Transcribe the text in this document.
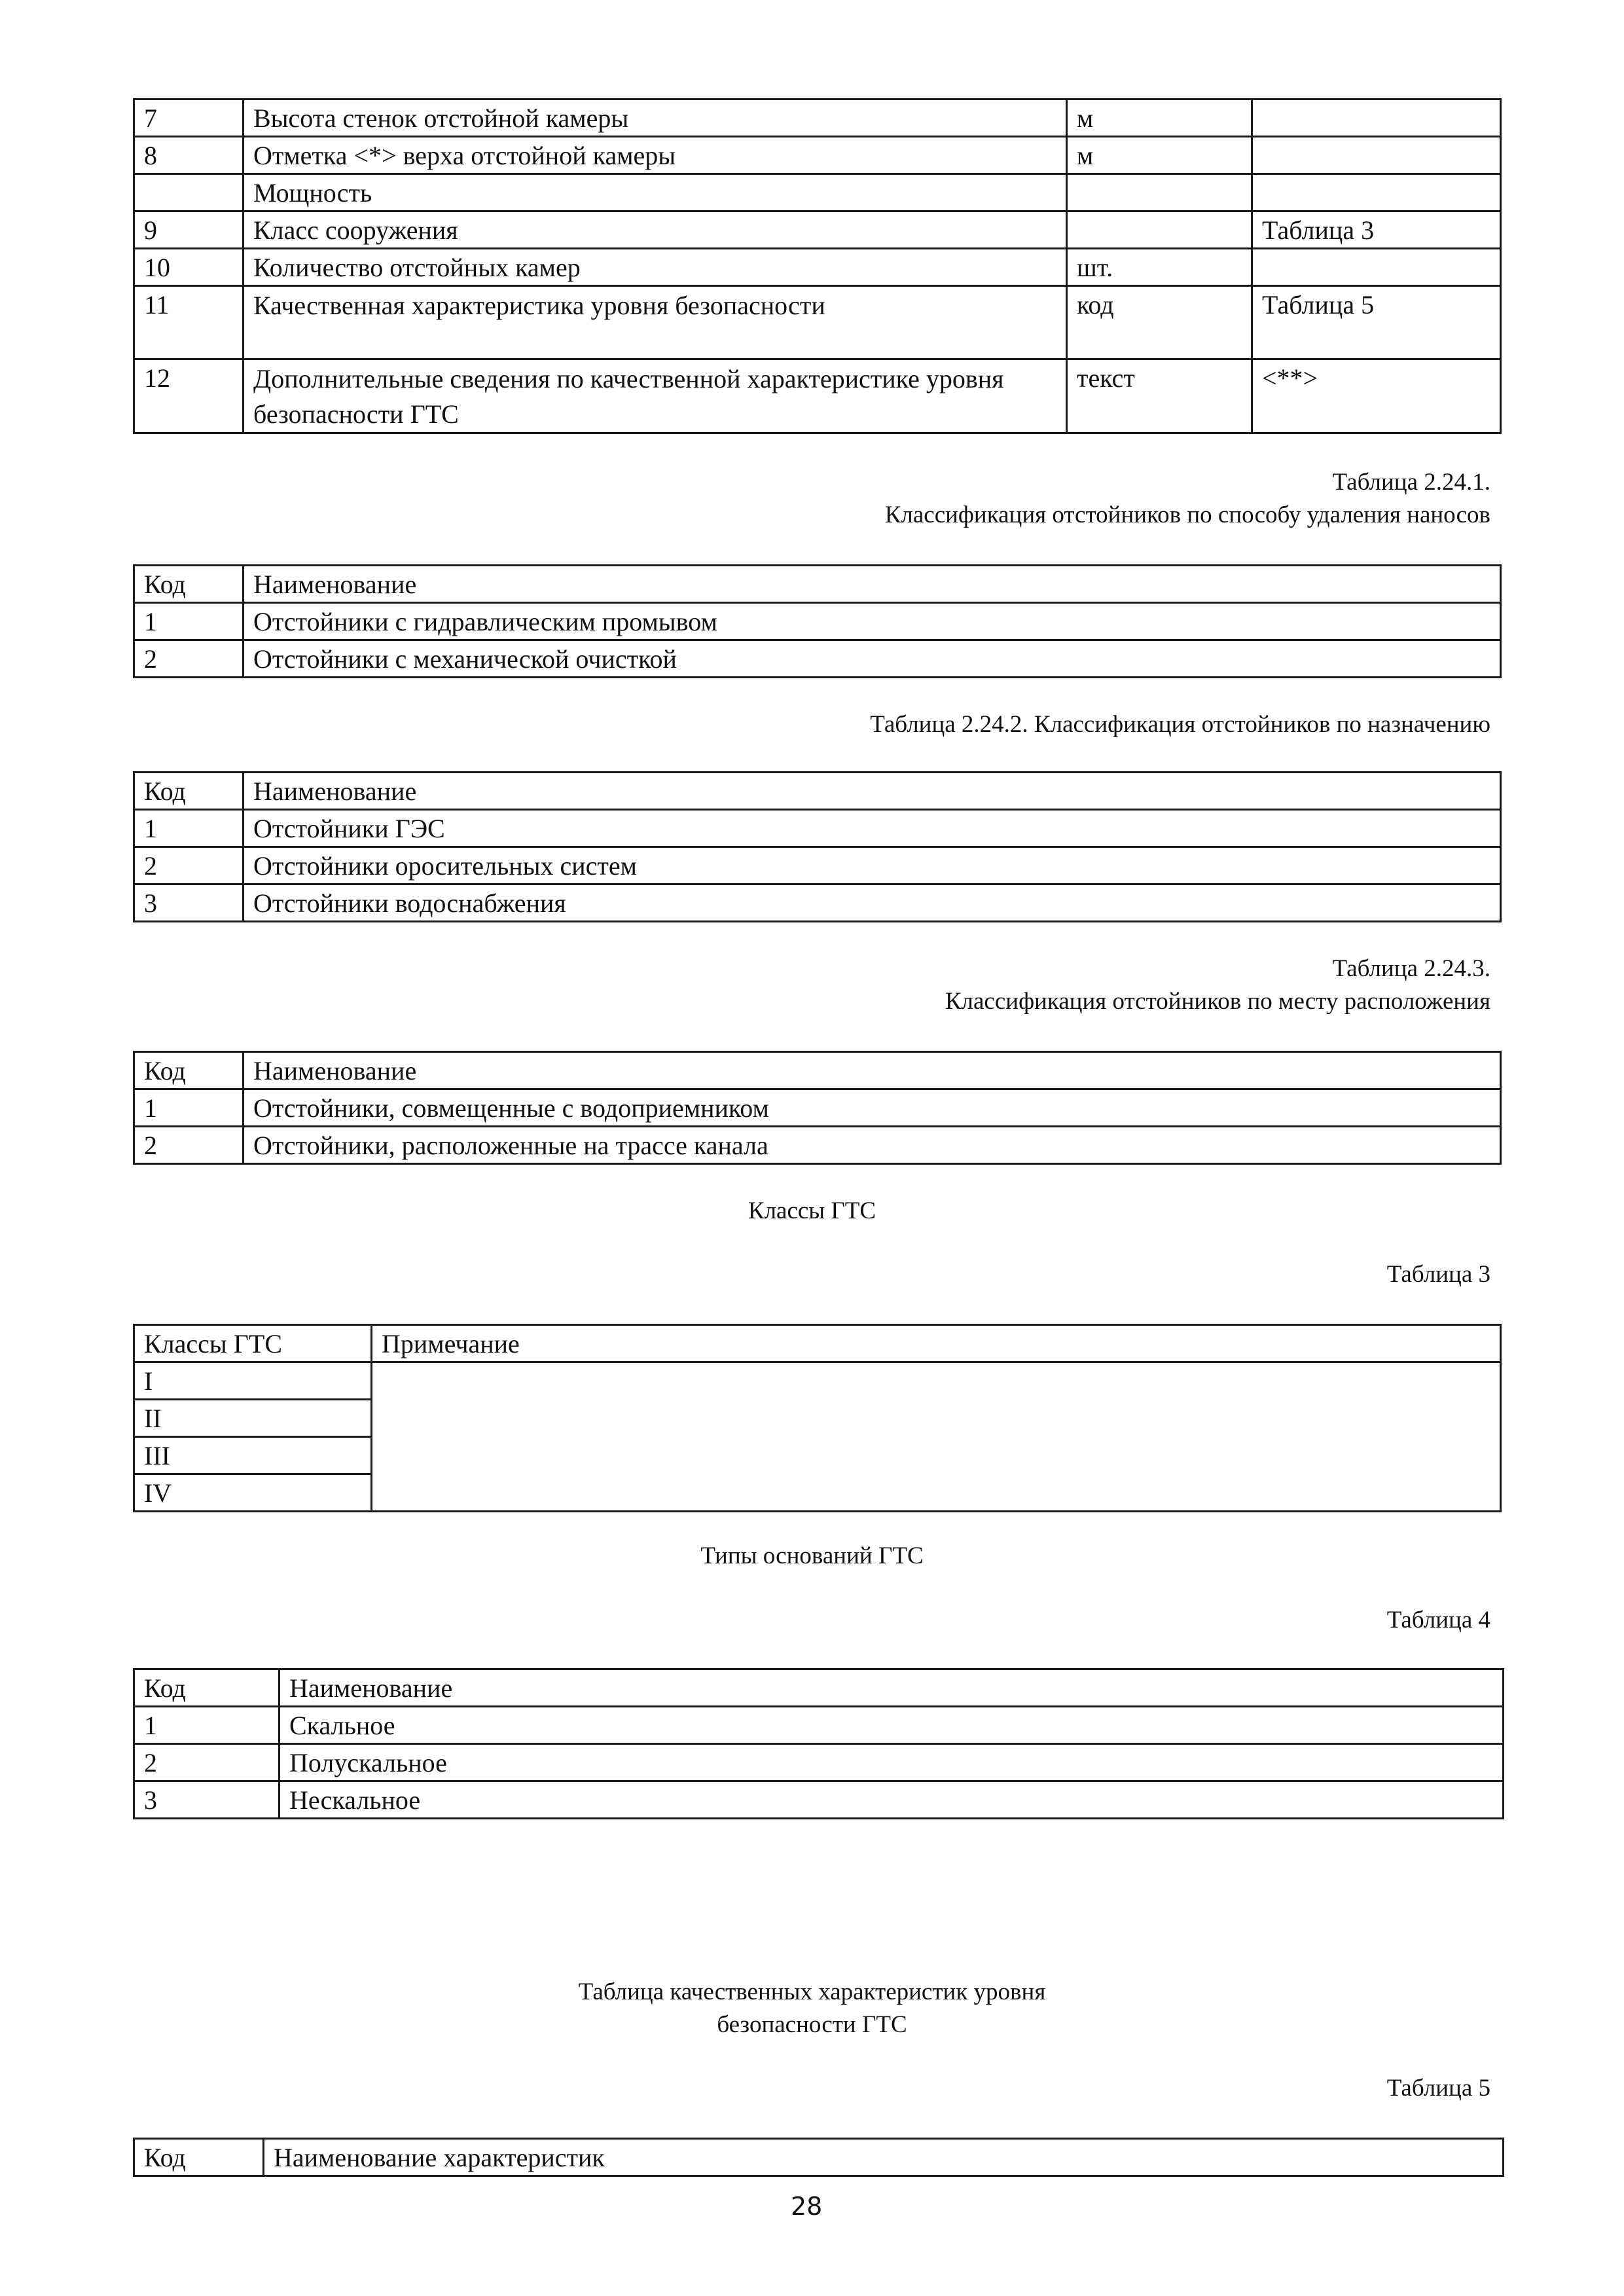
7	Высота стенок отстойной камеры	м	
8	Отметка <*> верха отстойной камеры	м	
	Мощность		
9	Класс сооружения		Таблица 3
10	Количество отстойных камер	шт.	
11	Качественная характеристика уровня безопасности	код	Таблица 5
12	Дополнительные сведения по качественной характеристике уровня безопасности ГТС	текст	<**>
Таблица 2.24.1.
Классификация отстойников по способу удаления наносов
Код	Наименование
1	Отстойники с гидравлическим промывом
2	Отстойники с механической очисткой
Таблица 2.24.2. Классификация отстойников по назначению
Код	Наименование
1	Отстойники ГЭС
2	Отстойники оросительных систем
3	Отстойники водоснабжения
Таблица 2.24.3.
Классификация отстойников по месту расположения
Код	Наименование
1	Отстойники, совмещенные с водоприемником
2	Отстойники, расположенные на трассе канала
Классы ГТС
Таблица 3
Классы ГТС	Примечание
I	
II	
III	
IV	
Типы оснований ГТС
Таблица 4
Код	Наименование
1	Скальное
2	Полускальное
3	Нескальное
Таблица качественных характеристик уровня
безопасности ГТС
Таблица 5
Код	Наименование характеристик
28
